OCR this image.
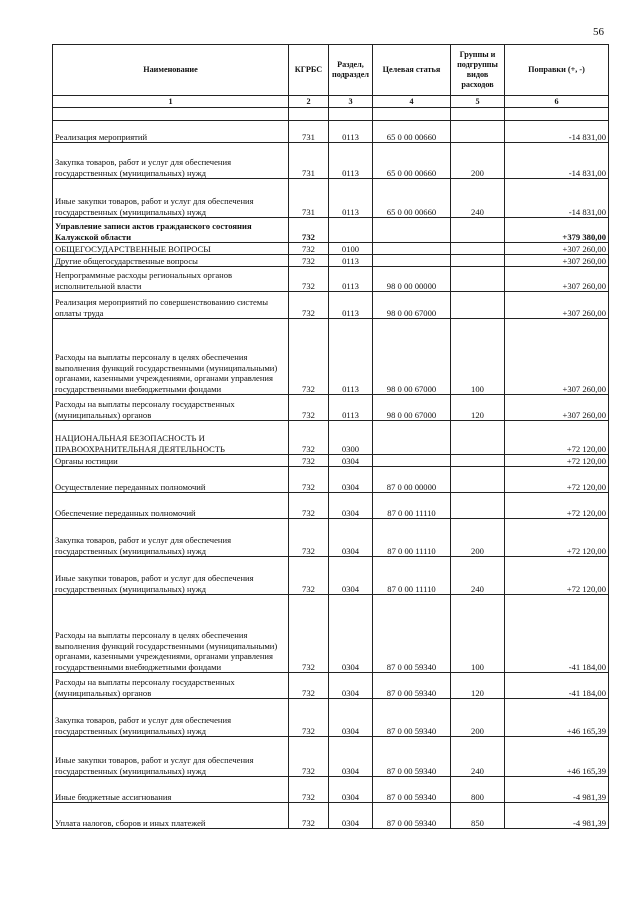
56
Наименование	КГРБС	Раздел, подраздел	Целевая статья	Группы и подгруппы видов расходов	Поправки (+, -)
1	2	3	4	5	6

Реализация мероприятий	731	0113	65 0 00 00660		-14 831,00
Закупка товаров, работ и услуг для обеспечения государственных (муниципальных) нужд	731	0113	65 0 00 00660	200	-14 831,00
Иные закупки товаров, работ и услуг для обеспечения государственных (муниципальных) нужд	731	0113	65 0 00 00660	240	-14 831,00
Управление записи актов гражданского состояния Калужской области	732				+379 380,00
ОБЩЕГОСУДАРСТВЕННЫЕ ВОПРОСЫ	732	0100			+307 260,00
Другие общегосударственные вопросы	732	0113			+307 260,00
Непрограммные расходы региональных органов исполнительной власти	732	0113	98 0 00 00000		+307 260,00
Реализация мероприятий по совершенствованию системы оплаты труда	732	0113	98 0 00 67000		+307 260,00
Расходы на выплаты персоналу в целях обеспечения выполнения функций государственными (муниципальными) органами, казенными учреждениями, органами управления государственными внебюджетными фондами	732	0113	98 0 00 67000	100	+307 260,00
Расходы на выплаты персоналу государственных (муниципальных) органов	732	0113	98 0 00 67000	120	+307 260,00
НАЦИОНАЛЬНАЯ БЕЗОПАСНОСТЬ И ПРАВООХРАНИТЕЛЬНАЯ ДЕЯТЕЛЬНОСТЬ	732	0300			+72 120,00
Органы юстиции	732	0304			+72 120,00
Осуществление переданных полномочий	732	0304	87 0 00 00000		+72 120,00
Обеспечение переданных полномочий	732	0304	87 0 00 11110		+72 120,00
Закупка товаров, работ и услуг для обеспечения государственных (муниципальных) нужд	732	0304	87 0 00 11110	200	+72 120,00
Иные закупки товаров, работ и услуг для обеспечения государственных (муниципальных) нужд	732	0304	87 0 00 11110	240	+72 120,00
Расходы на выплаты персоналу в целях обеспечения выполнения функций государственными (муниципальными) органами, казенными учреждениями, органами управления государственными внебюджетными фондами	732	0304	87 0 00 59340	100	-41 184,00
Расходы на выплаты персоналу государственных (муниципальных) органов	732	0304	87 0 00 59340	120	-41 184,00
Закупка товаров, работ и услуг для обеспечения государственных (муниципальных) нужд	732	0304	87 0 00 59340	200	+46 165,39
Иные закупки товаров, работ и услуг для обеспечения государственных (муниципальных) нужд	732	0304	87 0 00 59340	240	+46 165,39
Иные бюджетные ассигнования	732	0304	87 0 00 59340	800	-4 981,39
Уплата налогов, сборов и иных платежей	732	0304	87 0 00 59340	850	-4 981,39
